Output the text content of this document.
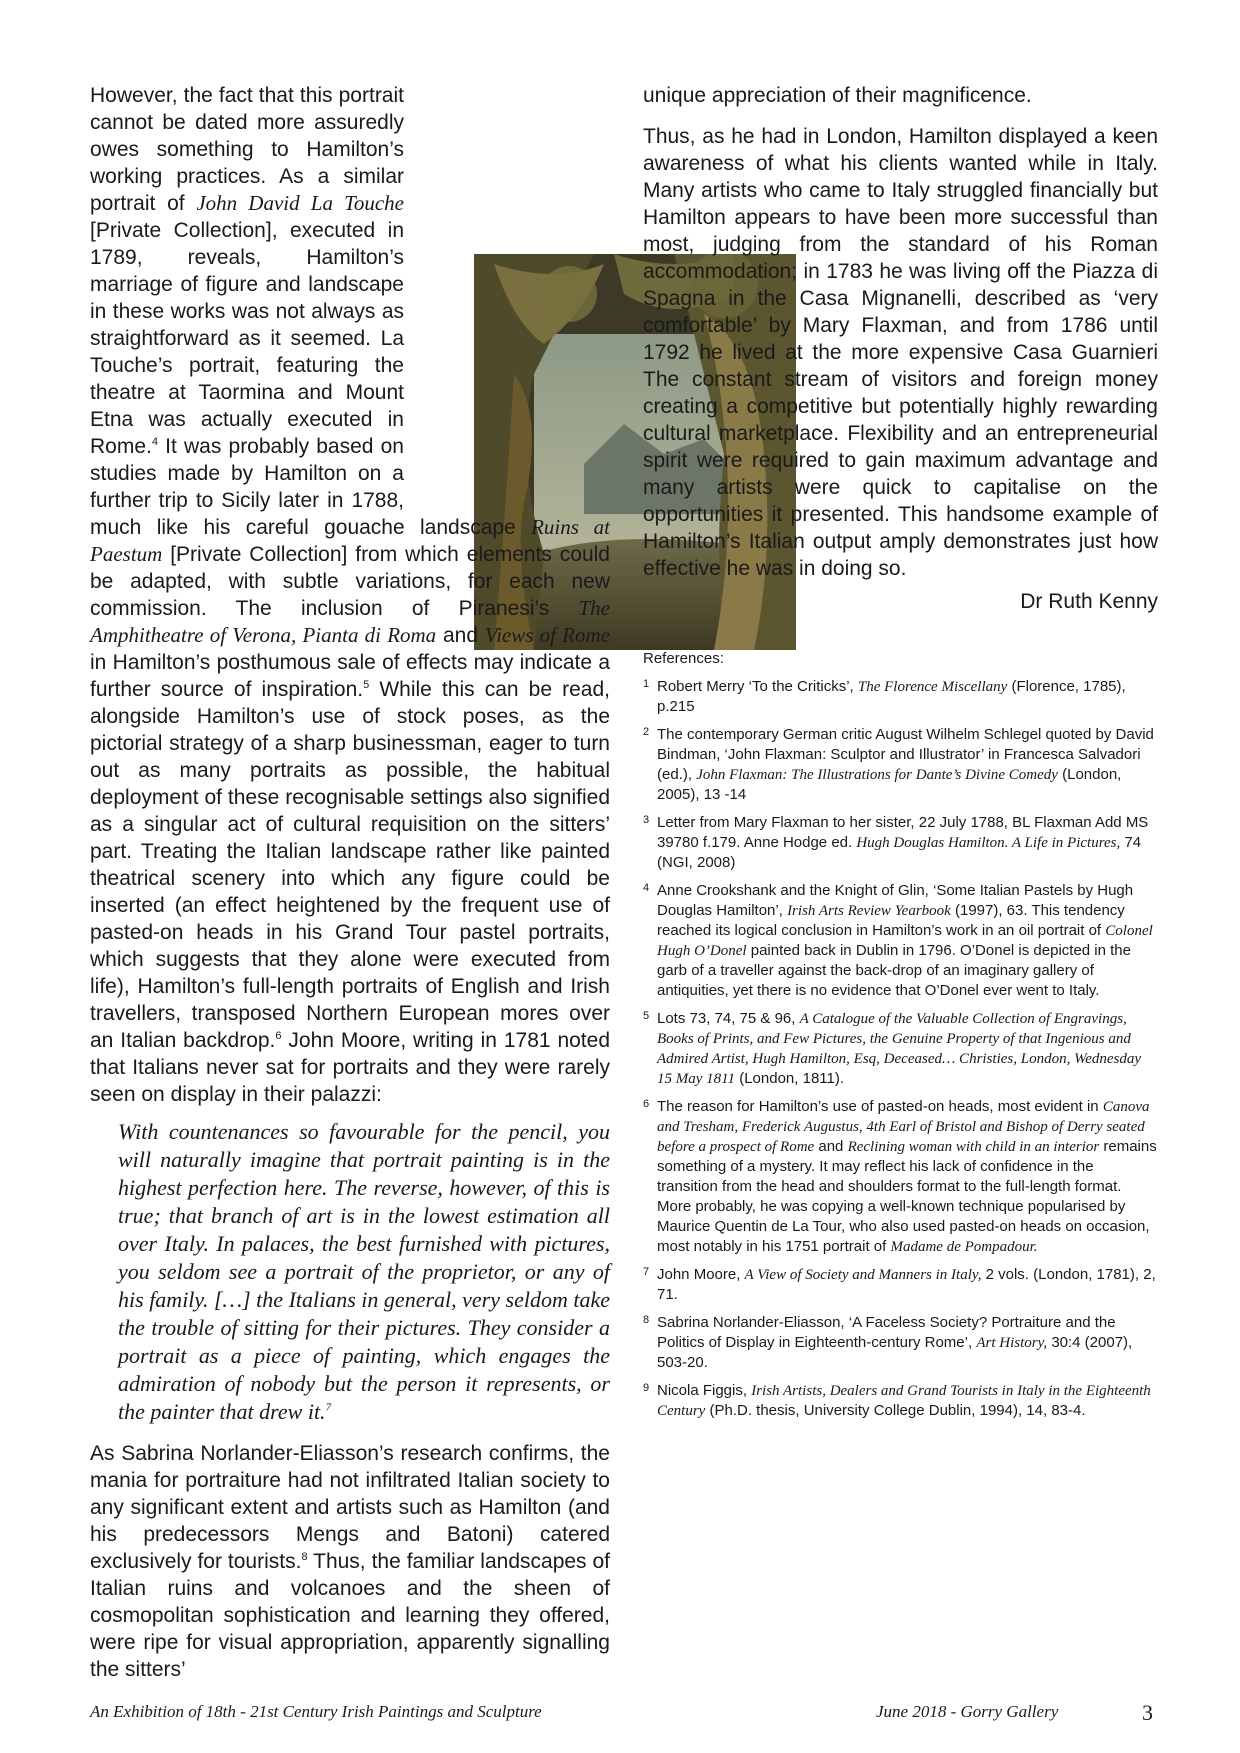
However, the fact that this portrait cannot be dated more assuredly owes something to Hamilton’s working practices. As a similar portrait of John David La Touche [Private Collection], executed in 1789, reveals, Hamilton’s marriage of figure and landscape in these works was not always as straightforward as it seemed. La Touche’s portrait, featuring the theatre at Taormina and Mount Etna was actually executed in Rome.$^4$ It was probably based on studies made by Hamilton on a further trip to Sicily later in 1788, much like his careful gouache landscape Ruins at Paestum [Private Collection] from which elements could be adapted, with subtle variations, for each new commission. The inclusion of Piranesi’s The Amphitheatre of Verona, Pianta di Roma and Views of Rome in Hamilton’s posthumous sale of effects may indicate a further source of inspiration.$^5$ While this can be read, alongside Hamilton’s use of stock poses, as the pictorial strategy of a sharp businessman, eager to turn out as many portraits as possible, the habitual deployment of these recognisable settings also signified as a singular act of cultural requisition on the sitters’ part. Treating the Italian landscape rather like painted theatrical scenery into which any figure could be inserted (an effect heightened by the frequent use of pasted-on heads in his Grand Tour pastel portraits, which suggests that they alone were executed from life), Hamilton’s full-length portraits of English and Irish travellers, transposed Northern European mores over an Italian backdrop.$^6$ John Moore, writing in 1781 noted that Italians never sat for portraits and they were rarely seen on display in their palazzi:

With countenances so favourable for the pencil, you will naturally imagine that portrait painting is in the highest perfection here. The reverse, however, of this is true; that branch of art is in the lowest estimation all over Italy. In palaces, the best furnished with pictures, you seldom see a portrait of the proprietor, or any of his family. […] the Italians in general, very seldom take the trouble of sitting for their pictures. They consider a portrait as a piece of painting, which engages the admiration of nobody but the person it represents, or the painter that drew it.$^7$

As Sabrina Norlander-Eliasson’s research confirms, the mania for portraiture had not infiltrated Italian society to any significant extent and artists such as Hamilton (and his predecessors Mengs and Batoni) catered exclusively for tourists.$^8$ Thus, the familiar landscapes of Italian ruins and volcanoes and the sheen of cosmopolitan sophistication and learning they offered, were ripe for visual appropriation, apparently signalling the sitters’

unique appreciation of their magnificence.

Thus, as he had in London, Hamilton displayed a keen awareness of what his clients wanted while in Italy. Many artists who came to Italy struggled financially but Hamilton appears to have been more successful than most, judging from the standard of his Roman accommodation; in 1783 he was living off the Piazza di Spagna in the Casa Mignanelli, described as ‘very comfortable’ by Mary Flaxman, and from 1786 until 1792 he lived at the more expensive Casa Guarnieri The constant stream of visitors and foreign money creating a competitive but potentially highly rewarding cultural marketplace. Flexibility and an entrepreneurial spirit were required to gain maximum advantage and many artists were quick to capitalise on the opportunities it presented. This handsome example of Hamilton’s Italian output amply demonstrates just how effective he was in doing so.

Dr Ruth Kenny
References:
1 Robert Merry ‘To the Criticks’, The Florence Miscellany (Florence, 1785), p.215
2 The contemporary German critic August Wilhelm Schlegel quoted by David Bindman, ‘John Flaxman: Sculptor and Illustrator’ in Francesca Salvadori (ed.), John Flaxman: The Illustrations for Dante’s Divine Comedy (London, 2005), 13 -14
3 Letter from Mary Flaxman to her sister, 22 July 1788, BL Flaxman Add MS 39780 f.179. Anne Hodge ed. Hugh Douglas Hamilton. A Life in Pictures, 74 (NGI, 2008)
4 Anne Crookshank and the Knight of Glin, ‘Some Italian Pastels by Hugh Douglas Hamilton’, Irish Arts Review Yearbook (1997), 63. This tendency reached its logical conclusion in Hamilton’s work in an oil portrait of Colonel Hugh O’Donel painted back in Dublin in 1796. O’Donel is depicted in the garb of a traveller against the back-drop of an imaginary gallery of antiquities, yet there is no evidence that O’Donel ever went to Italy.
5 Lots 73, 74, 75 & 96, A Catalogue of the Valuable Collection of Engravings, Books of Prints, and Few Pictures, the Genuine Property of that Ingenious and Admired Artist, Hugh Hamilton, Esq, Deceased… Christies, London, Wednesday 15 May 1811 (London, 1811).
6 The reason for Hamilton’s use of pasted-on heads, most evident in Canova and Tresham, Frederick Augustus, 4th Earl of Bristol and Bishop of Derry seated before a prospect of Rome and Reclining woman with child in an interior remains something of a mystery. It may reflect his lack of confidence in the transition from the head and shoulders format to the full-length format. More probably, he was copying a well-known technique popularised by Maurice Quentin de La Tour, who also used pasted-on heads on occasion, most notably in his 1751 portrait of Madame de Pompadour.
7 John Moore, A View of Society and Manners in Italy, 2 vols. (London, 1781), 2, 71.
8 Sabrina Norlander-Eliasson, ‘A Faceless Society? Portraiture and the Politics of Display in Eighteenth-century Rome’, Art History, 30:4 (2007), 503-20.
9 Nicola Figgis, Irish Artists, Dealers and Grand Tourists in Italy in the Eighteenth Century (Ph.D. thesis, University College Dublin, 1994), 14, 83-4.
An Exhibition of 18th - 21st Century Irish Paintings and Sculpture	June 2018 - Gorry Gallery	3
